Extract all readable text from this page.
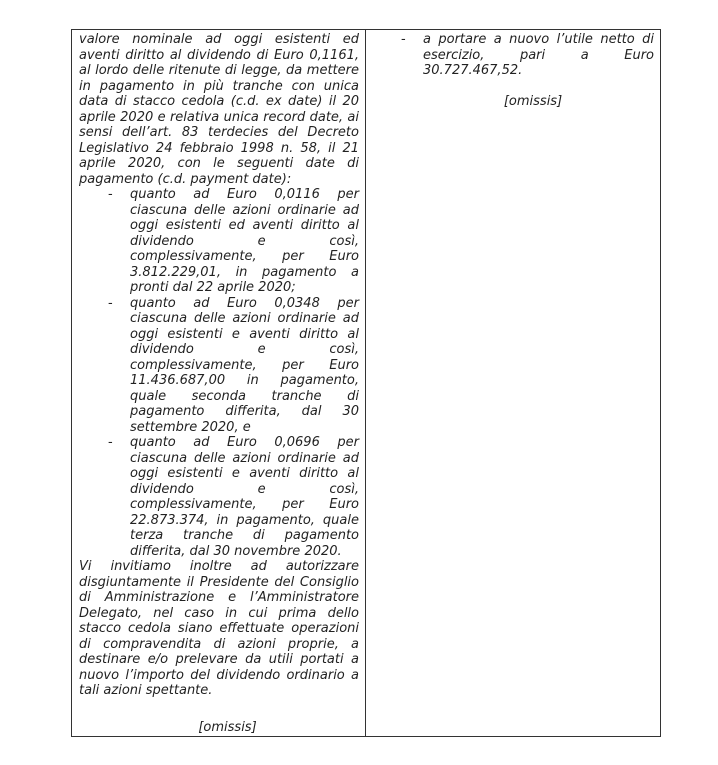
valore nominale ad oggi esistenti ed aventi diritto al dividendo di Euro 0,1161, al lordo delle ritenute di legge, da mettere in pagamento in più tranche con unica data di stacco cedola (c.d. ex date) il 20 aprile 2020 e relativa unica record date, ai sensi dell’art. 83 terdecies del Decreto Legislativo 24 febbraio 1998 n. 58, il 21 aprile 2020, con le seguenti date di pagamento (c.d. payment date):

-	quanto ad Euro 0,0116 per ciascuna delle azioni ordinarie ad oggi esistenti ed aventi diritto al dividendo e così, complessivamente, per Euro 3.812.229,01, in pagamento a pronti dal 22 aprile 2020;
-	quanto ad Euro 0,0348 per ciascuna delle azioni ordinarie ad oggi esistenti e aventi diritto al dividendo e così, complessivamente, per Euro 11.436.687,00 in pagamento, quale seconda tranche di pagamento differita, dal 30 settembre 2020, e
-	quanto ad Euro 0,0696 per ciascuna delle azioni ordinarie ad oggi esistenti e aventi diritto al dividendo e così, complessivamente, per Euro 22.873.374, in pagamento, quale terza tranche di pagamento differita, dal 30 novembre 2020.

Vi invitiamo inoltre ad autorizzare disgiuntamente il Presidente del Consiglio di Amministrazione e l’Amministratore Delegato, nel caso in cui prima dello stacco cedola siano effettuate operazioni di compravendita di azioni proprie, a destinare e/o prelevare da utili portati a nuovo l’importo del dividendo ordinario a tali azioni spettante.

[omissis]
-	a portare a nuovo l’utile netto di esercizio, pari a Euro 30.727.467,52.
[omissis]
